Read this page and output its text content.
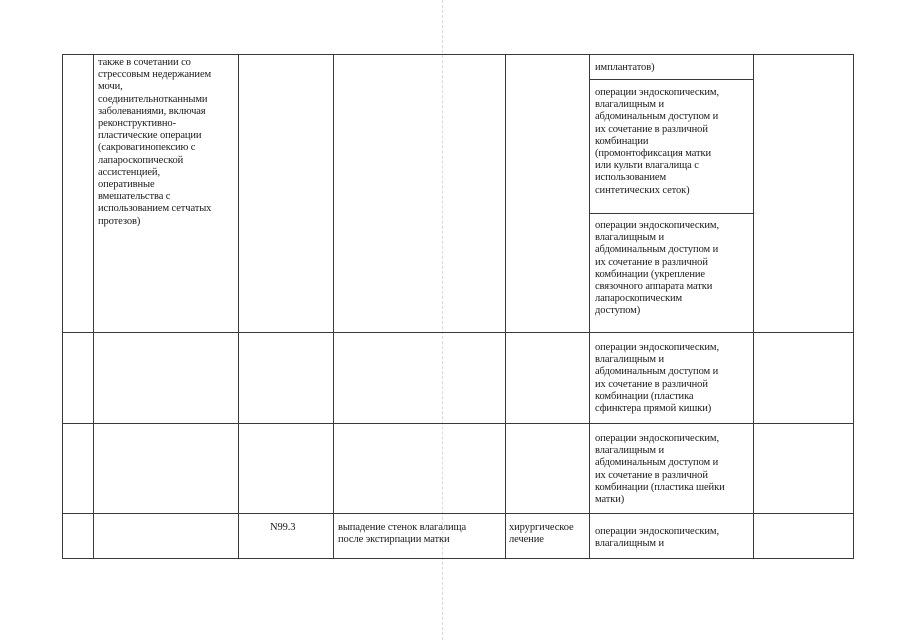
также в сочетании со
стрессовым недержанием
мочи,
соединительнотканными
заболеваниями, включая
реконструктивно-
пластические операции
(сакровагинопексию с
лапароскопической
ассистенцией,
оперативные
вмешательства с
использованием сетчатых
протезов)
имплантатов)
операции эндоскопическим,
влагалищным и
абдоминальным доступом и
их сочетание в различной
комбинации
(промонтофиксация матки
или культи влагалища с
использованием
синтетических сеток)
операции эндоскопическим,
влагалищным и
абдоминальным доступом и
их сочетание в различной
комбинации (укрепление
связочного аппарата матки
лапароскопическим
доступом)
операции эндоскопическим,
влагалищным и
абдоминальным доступом и
их сочетание в различной
комбинации (пластика
сфинктера прямой кишки)
операции эндоскопическим,
влагалищным и
абдоминальным доступом и
их сочетание в различной
комбинации (пластика шейки
матки)
N99.3	выпадение стенок влагалища
после экстирпации матки
хирургическое
лечение
операции эндоскопическим,
влагалищным и
